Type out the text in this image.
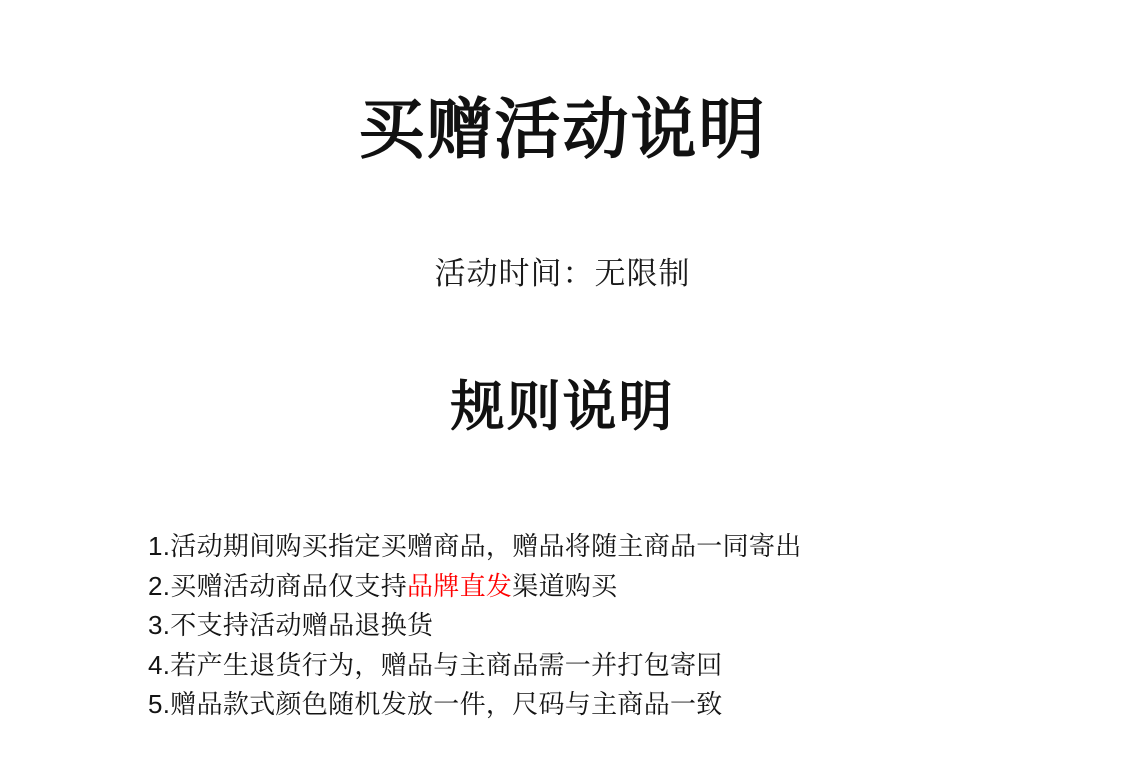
买赠活动说明
活动时间：无限制
规则说明
1.活动期间购买指定买赠商品，赠品将随主商品一同寄出
2.买赠活动商品仅支持品牌直发渠道购买
3.不支持活动赠品退换货
4.若产生退货行为，赠品与主商品需一并打包寄回
5.赠品款式颜色随机发放一件，尺码与主商品一致
